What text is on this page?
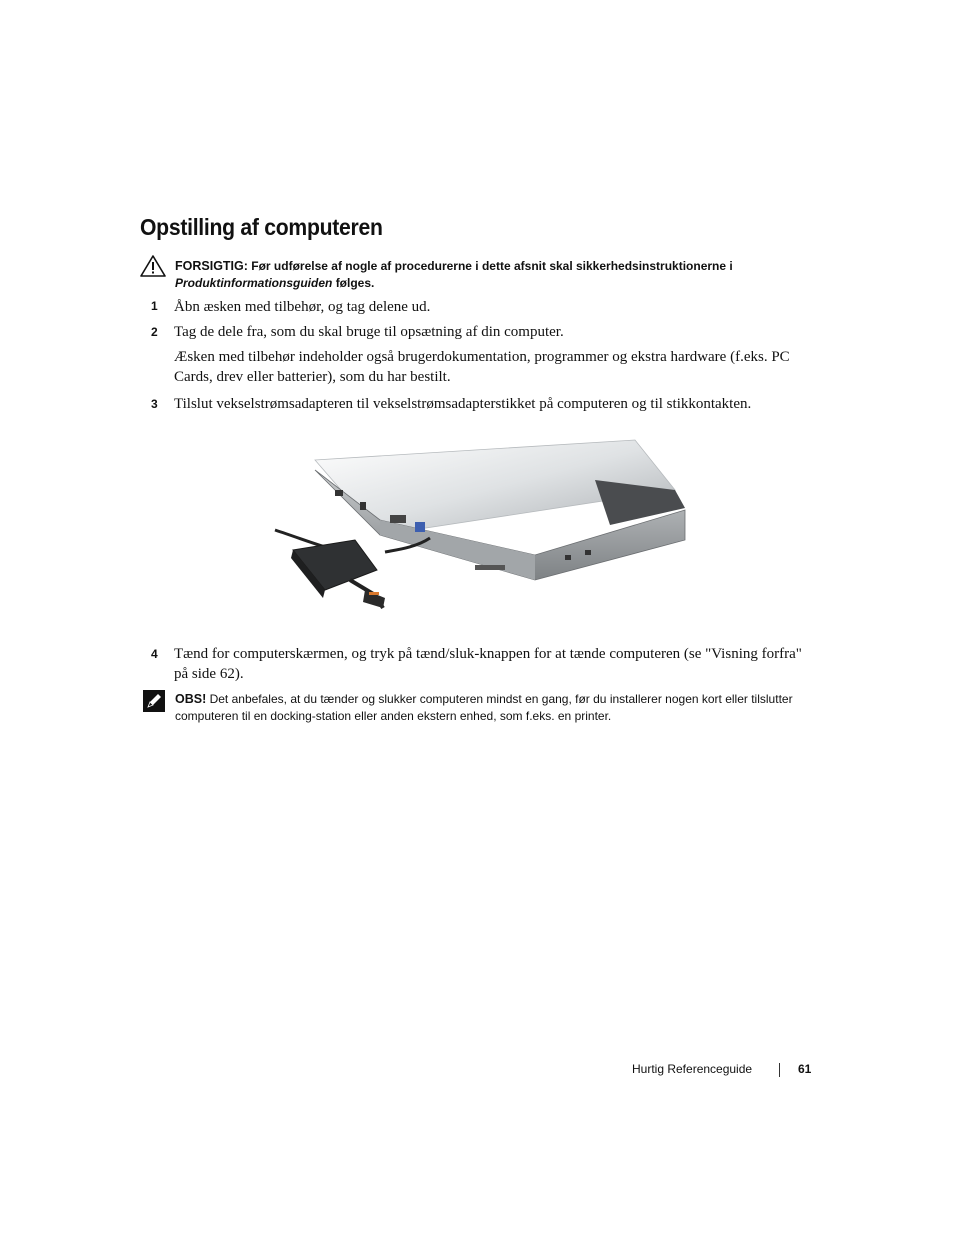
Opstilling af computeren
FORSIGTIG: Før udførelse af nogle af procedurerne i dette afsnit skal sikkerhedsinstruktionerne i
Produktinformationsguiden følges.
1 Åbn æsken med tilbehør, og tag delene ud.
2 Tag de dele fra, som du skal bruge til opsætning af din computer.
Æsken med tilbehør indeholder også brugerdokumentation, programmer og ekstra hardware (f.eks. PC Cards, drev eller batterier), som du har bestilt.
3 Tilslut vekselstrømsadapteren til vekselstrømsadapterstikket på computeren og til stikkontakten.
4 Tænd for computerskærmen, og tryk på tænd/sluk-knappen for at tænde computeren (se "Visning forfra" på side 62).
OBS! Det anbefales, at du tænder og slukker computeren mindst en gang, før du installerer nogen kort eller tilslutter computeren til en docking-station eller anden ekstern enhed, som f.eks. en printer.
Hurtig Referenceguide	61
